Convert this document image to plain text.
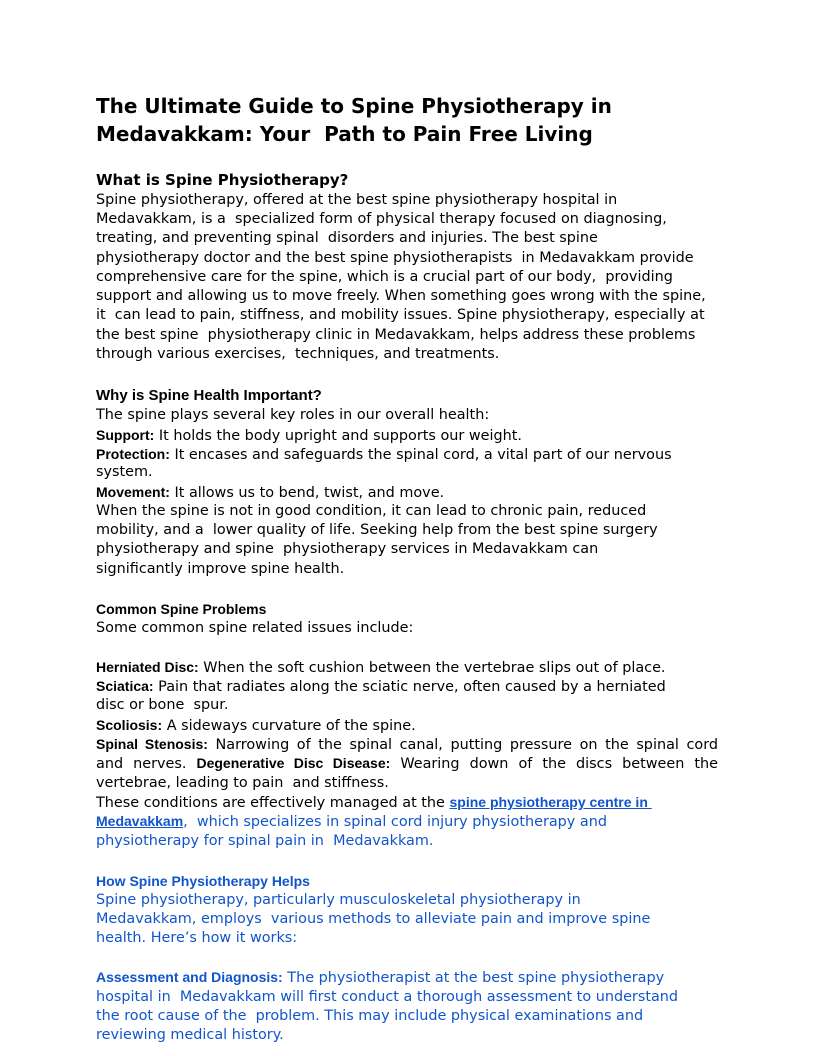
The Ultimate Guide to Spine Physiotherapy in
Medavakkam: Your  Path to Pain Free Living
What is Spine Physiotherapy?
Spine physiotherapy, offered at the best spine physiotherapy hospital in
Medavakkam, is a  specialized form of physical therapy focused on diagnosing,
treating, and preventing spinal  disorders and injuries. The best spine
physiotherapy doctor and the best spine physiotherapists  in Medavakkam provide
comprehensive care for the spine, which is a crucial part of our body,  providing
support and allowing us to move freely. When something goes wrong with the spine,
it  can lead to pain, stiffness, and mobility issues. Spine physiotherapy, especially at
the best spine  physiotherapy clinic in Medavakkam, helps address these problems
through various exercises,  techniques, and treatments.
Why is Spine Health Important?
The spine plays several key roles in our overall health:
Support: It holds the body upright and supports our weight.
Protection: It encases and safeguards the spinal cord, a vital part of our nervous
system.
Movement: It allows us to bend, twist, and move.
When the spine is not in good condition, it can lead to chronic pain, reduced
mobility, and a  lower quality of life. Seeking help from the best spine surgery
physiotherapy and spine  physiotherapy services in Medavakkam can
significantly improve spine health.
Common Spine Problems
Some common spine related issues include:
Herniated Disc: When the soft cushion between the vertebrae slips out of place.
Sciatica: Pain that radiates along the sciatic nerve, often caused by a herniated
disc or bone  spur.
Scoliosis: A sideways curvature of the spine.
Spinal Stenosis: Narrowing of the spinal canal, putting pressure on the spinal cord
and nerves. Degenerative Disc Disease: Wearing down of the discs between the
vertebrae, leading to pain  and stiffness.
These conditions are effectively managed at the spine physiotherapy centre in
Medavakkam,  which specializes in spinal cord injury physiotherapy and
physiotherapy for spinal pain in  Medavakkam.
How Spine Physiotherapy Helps
Spine physiotherapy, particularly musculoskeletal physiotherapy in
Medavakkam, employs  various methods to alleviate pain and improve spine
health. Here’s how it works:
Assessment and Diagnosis: The physiotherapist at the best spine physiotherapy
hospital in  Medavakkam will first conduct a thorough assessment to understand
the root cause of the  problem. This may include physical examinations and
reviewing medical history.
